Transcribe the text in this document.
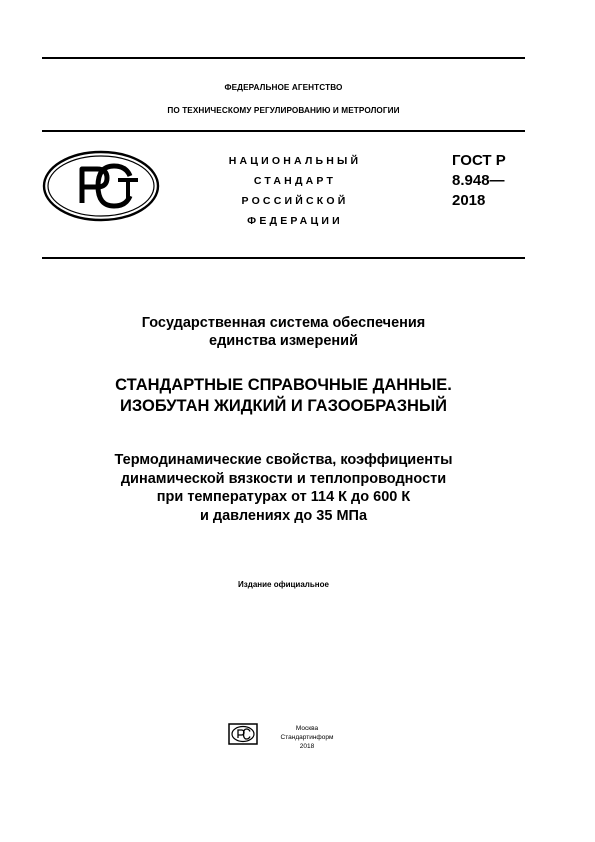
ФЕДЕРАЛЬНОЕ АГЕНТСТВО
ПО ТЕХНИЧЕСКОМУ РЕГУЛИРОВАНИЮ И МЕТРОЛОГИИ
НАЦИОНАЛЬНЫЙ
СТАНДАРТ
РОССИЙСКОЙ
ФЕДЕРАЦИИ
ГОСТ Р
8.948—
2018
Государственная система обеспечения
единства измерений
СТАНДАРТНЫЕ СПРАВОЧНЫЕ ДАННЫЕ.
ИЗОБУТАН ЖИДКИЙ И ГАЗООБРАЗНЫЙ
Термодинамические свойства, коэффициенты
динамической вязкости и теплопроводности
при температурах от 114 К до 600 К
и давлениях до 35 МПа
Издание официальное
Москва
Стандартинформ
2018
